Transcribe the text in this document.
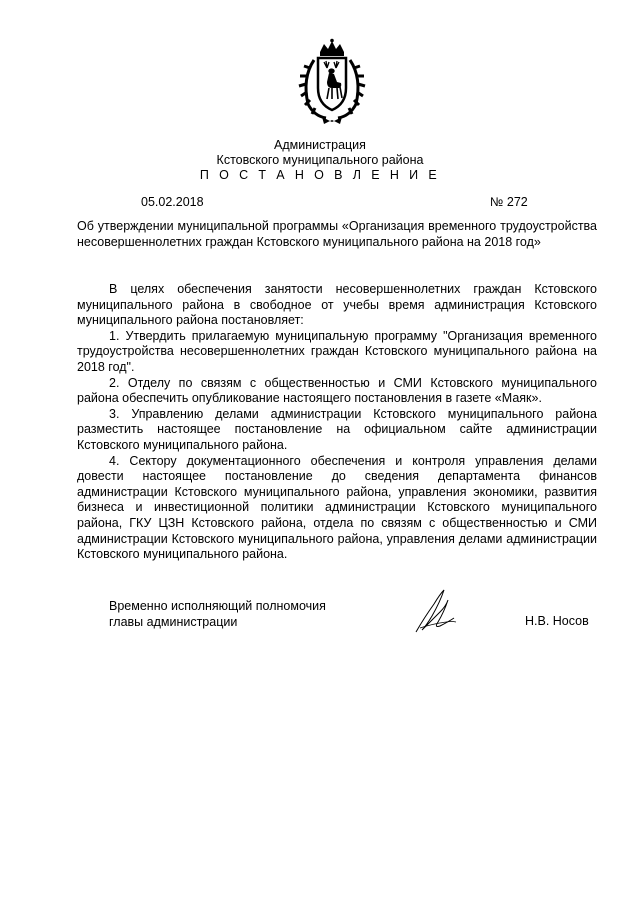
Администрация
Кстовского муниципального района
П О С Т А Н О В Л Е Н И Е
05.02.2018	№ 272
Об утверждении муниципальной программы «Организация временного трудоустройства несовершеннолетних граждан Кстовского муниципального района на 2018 год»

В целях обеспечения занятости несовершеннолетних граждан Кстовского муниципального района в свободное от учебы время администрация Кстовского муниципального района постановляет:

1. Утвердить прилагаемую муниципальную программу "Организация временного трудоустройства несовершеннолетних граждан Кстовского муниципального района на 2018 год".

2. Отделу по связям с общественностью и СМИ Кстовского муниципального района обеспечить опубликование настоящего постановления в газете «Маяк».

3. Управлению делами администрации Кстовского муниципального района разместить настоящее постановление на официальном сайте администрации Кстовского муниципального района.

4. Сектору документационного обеспечения и контроля управления делами довести настоящее постановление до сведения департамента финансов администрации Кстовского муниципального района, управления экономики, развития бизнеса и инвестиционной политики администрации Кстовского муниципального района, ГКУ ЦЗН Кстовского района, отдела по связям с общественностью и СМИ администрации Кстовского муниципального района, управления делами администрации Кстовского муниципального района.

Временно исполняющий полномочия
главы администрации	Н.В. Носов
